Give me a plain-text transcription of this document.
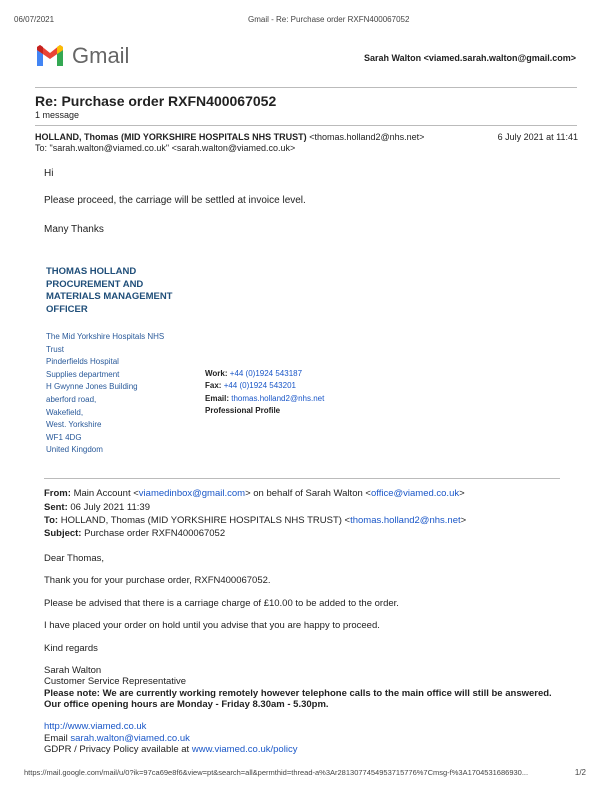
06/07/2021	Gmail - Re: Purchase order RXFN400067052
Gmail	Sarah Walton <viamed.sarah.walton@gmail.com>
Re: Purchase order RXFN400067052
1 message
HOLLAND, Thomas (MID YORKSHIRE HOSPITALS NHS TRUST) <thomas.holland2@nhs.net>	6 July 2021 at 11:41
To: "sarah.walton@viamed.co.uk" <sarah.walton@viamed.co.uk>
Hi
Please proceed, the carriage will be settled at invoice level.
Many Thanks
THOMAS HOLLAND PROCUREMENT AND MATERIALS MANAGEMENT OFFICER
The Mid Yorkshire Hospitals NHS
Trust
Pinderfields Hospital
Supplies department
H Gwynne Jones Building
aberford road,
Wakefield,
West. Yorkshire
WF1 4DG
United Kingdom
Work: +44 (0)1924 543187
Fax: +44 (0)1924 543201
Email: thomas.holland2@nhs.net
Professional Profile
From: Main Account <viamedinbox@gmail.com> on behalf of Sarah Walton <office@viamed.co.uk>
Sent: 06 July 2021 11:39
To: HOLLAND, Thomas (MID YORKSHIRE HOSPITALS NHS TRUST) <thomas.holland2@nhs.net>
Subject: Purchase order RXFN400067052
Dear Thomas,
Thank you for your purchase order, RXFN400067052.
Please be advised that there is a carriage charge of £10.00 to be added to the order.
I have placed your order on hold until you advise that you are happy to proceed.
Kind regards
Sarah Walton
Customer Service Representative
Please note: We are currently working remotely however telephone calls to the main office will still be answered.
Our office opening hours are Monday - Friday 8.30am - 5.30pm.
http://www.viamed.co.uk
Email sarah.walton@viamed.co.uk
GDPR / Privacy Policy available at www.viamed.co.uk/policy
https://mail.google.com/mail/u/0?ik=97ca69e8f6&view=pt&search=all&permthid=thread-a%3Ar2813077454953715776%7Cmsg-f%3A1704531686930...	1/2
